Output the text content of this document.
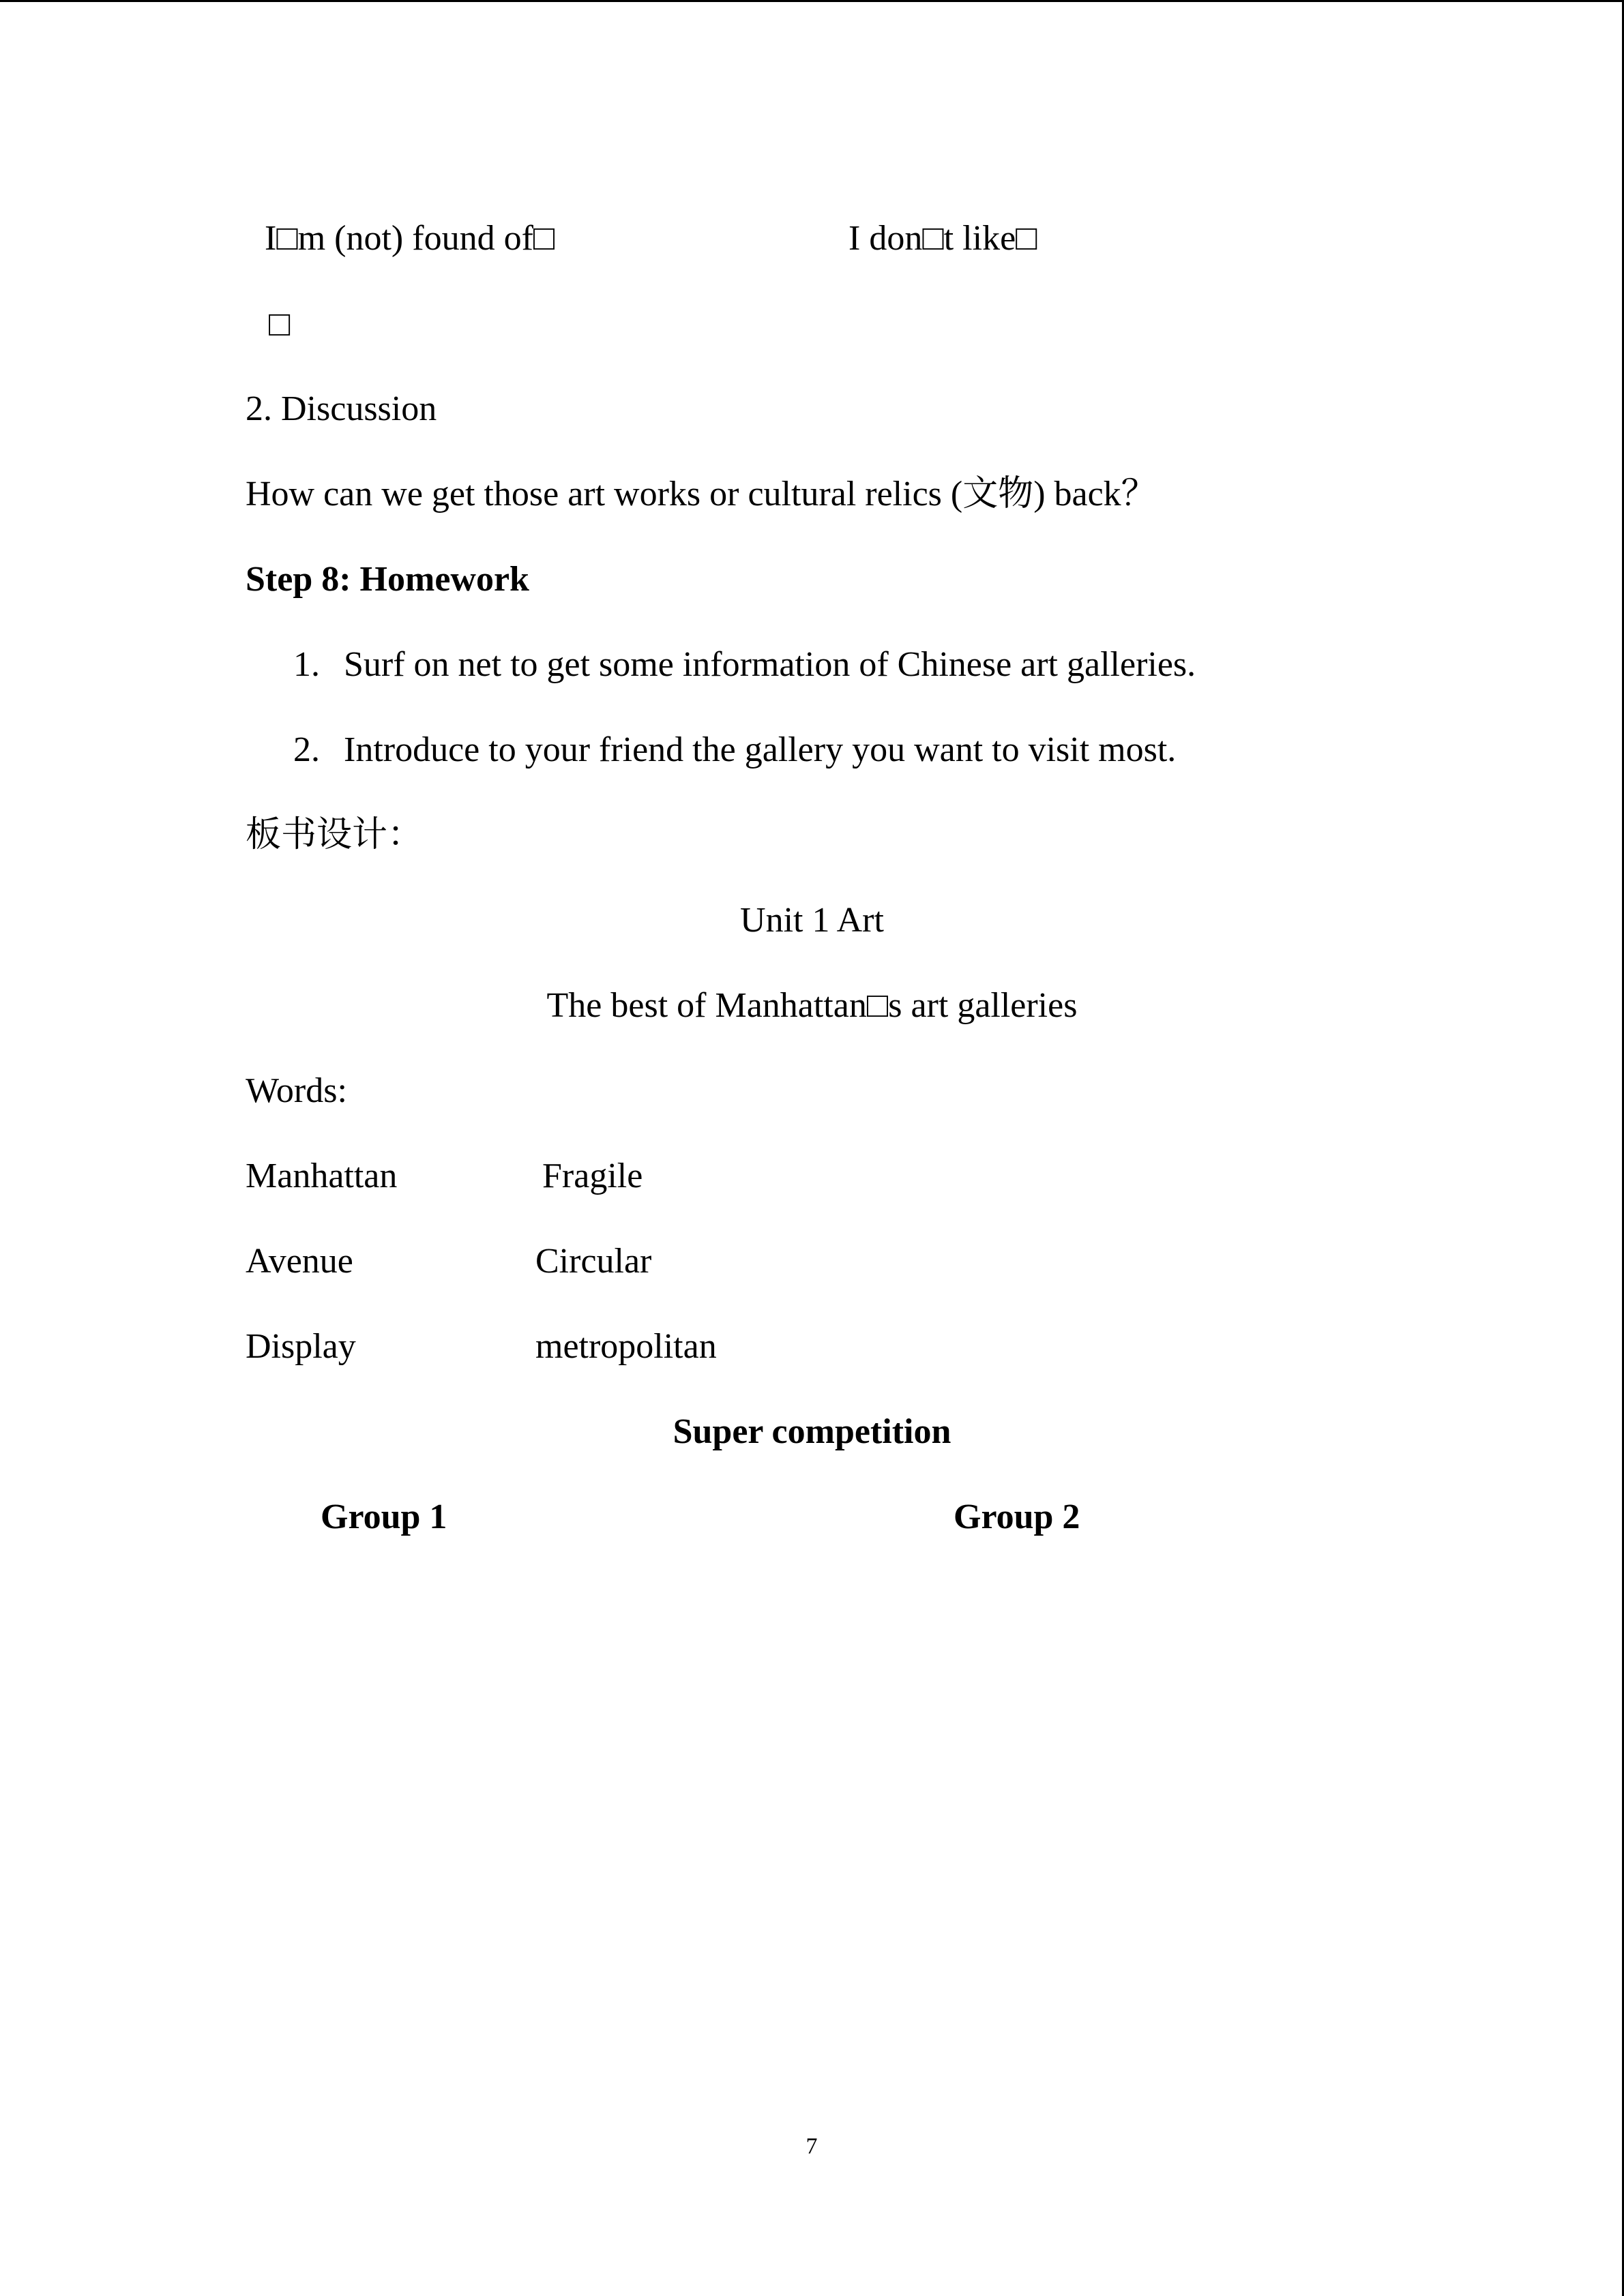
I□m (not) found of□	I don□t like□
□
2. Discussion
How can we get those art works or cultural relics (文物) back？
Step 8: Homework
1. Surf on net to get some information of Chinese art galleries.
2. Introduce to your friend the gallery you want to visit most.
板书设计：
Unit 1 Art
The best of Manhattan□s art galleries
Words:
Manhattan	Fragile
Avenue	Circular
Display	metropolitan
Super competition
Group 1	Group 2
7
